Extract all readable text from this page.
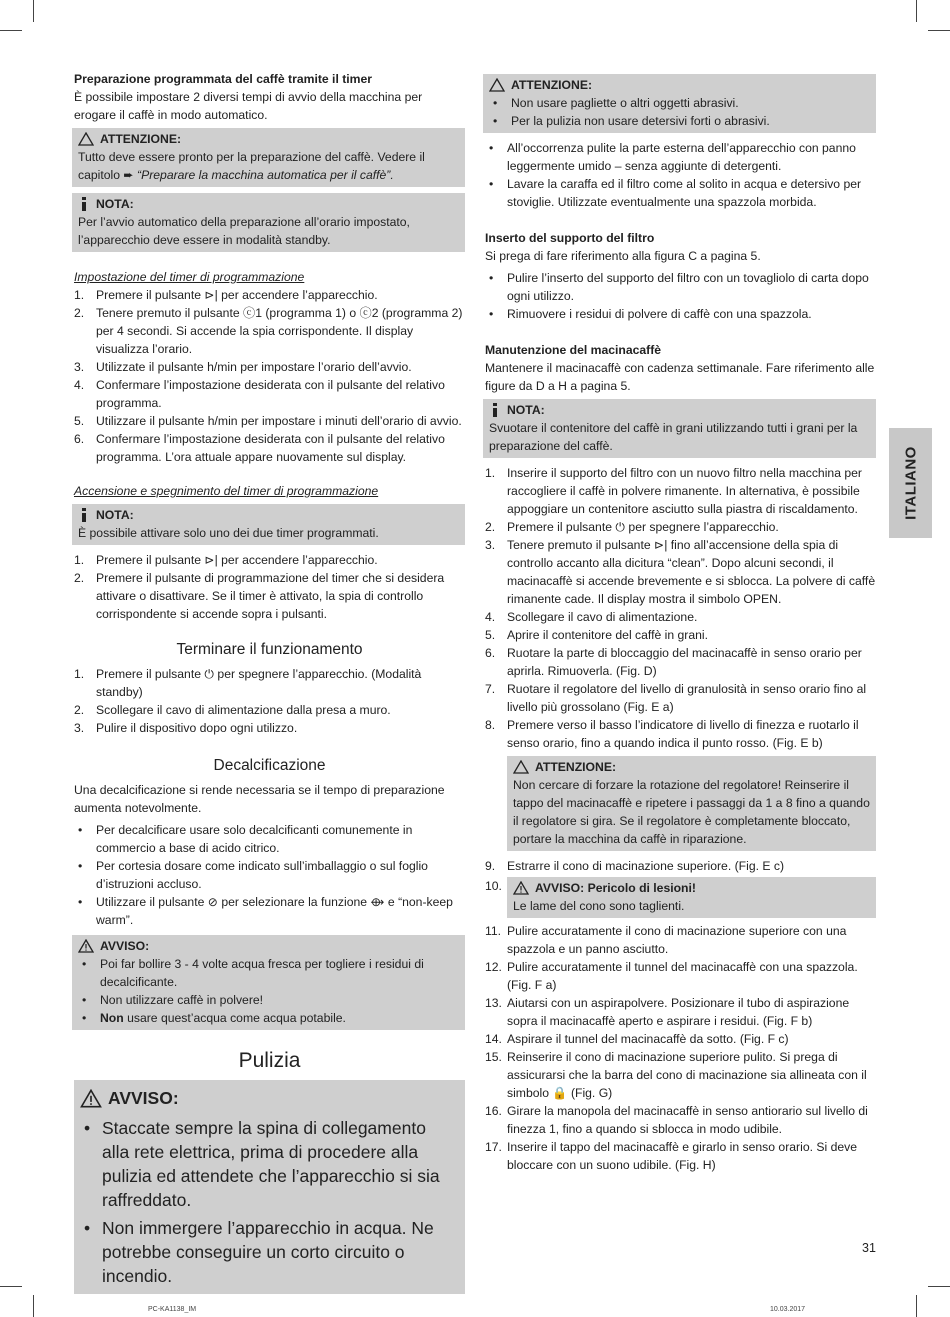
Preparazione programmata del caffè tramite il timer

È possibile impostare 2 diversi tempi di avvio della macchina per erogare il caffè in modo automatico.

ATTENZIONE:

Tutto deve essere pronto per la preparazione del caffè. Vedere il capitolo ➨ “Preparare la macchina automatica per il caffè”.

NOTA:

Per l’avvio automatico della preparazione all’orario impostato, l’apparecchio deve essere in modalità standby.

Impostazione del timer di programmazione

1. Premere il pulsante ⊳| per accendere l’apparecchio.
2. Tenere premuto il pulsante ⓒ1 (programma 1) o ⓒ2 (programma 2) per 4 secondi. Si accende la spia corrispondente. Il display visualizza l’orario.
3. Utilizzate il pulsante h/min per impostare l’orario dell’avvio.
4. Confermare l’impostazione desiderata con il pulsante del relativo programma.
5. Utilizzare il pulsante h/min per impostare i minuti dell’orario di avvio.
6. Confermare l’impostazione desiderata con il pulsante del relativo programma. L’ora attuale appare nuovamente sul display.

Accensione e spegnimento del timer di programmazione

NOTA:

È possibile attivare solo uno dei due timer programmati.

1. Premere il pulsante ⊳| per accendere l’apparecchio.
2. Premere il pulsante di programmazione del timer che si desidera attivare o disattivare. Se il timer è attivato, la spia di controllo corrispondente si accende sopra i pulsanti.
Terminare il funzionamento
1. Premere il pulsante ⏻ per spegnere l’apparecchio. (Modalità standby)
2. Scollegare il cavo di alimentazione dalla presa a muro.
3. Pulire il dispositivo dopo ogni utilizzo.
Decalcificazione

Una decalcificazione si rende necessaria se il tempo di preparazione aumenta notevolmente.

•	Per decalcificare usare solo decalcificanti comunemente in commercio a base di acido citrico.
•	Per cortesia dosare come indicato sull’imballaggio o sul foglio d’istruzioni accluso.
•	Utilizzare il pulsante ⊘ per selezionare la funzione ⟴ e “non-keep warm”.
AVVISO:
•	Poi far bollire 3 - 4 volte acqua fresca per togliere i residui di decalcificante.
•	Non utilizzare caffè in polvere!
•	Non usare quest’acqua come acqua potabile.
Pulizia
AVVISO:
• Staccate sempre la spina di collegamento alla rete elettrica, prima di procedere alla pulizia ed attendete che l’apparecchio si sia raffreddato.
• Non immergere l’apparecchio in acqua. Ne potrebbe conseguire un corto circuito o incendio.
ATTENZIONE:
•	Non usare pagliette o altri oggetti abrasivi.
•	Per la pulizia non usare detersivi forti o abrasivi.
•	All’occorrenza pulite la parte esterna dell’apparecchio con panno leggermente umido – senza aggiunte di detergenti.
•	Lavare la caraffa ed il filtro come al solito in acqua e detersivo per stoviglie. Utilizzate eventualmente una spazzola morbida.

Inserto del supporto del filtro

Si prega di fare riferimento alla figura C a pagina 5.

•	Pulire l’inserto del supporto del filtro con un tovagliolo di carta dopo ogni utilizzo.
•	Rimuovere i residui di polvere di caffè con una spazzola.

Manutenzione del macinacaffè

Mantenere il macinacaffè con cadenza settimanale. Fare riferimento alle figure da D a H a pagina 5.

NOTA:

Svuotare il contenitore del caffè in grani utilizzando tutti i grani per la preparazione del caffè.

1. Inserire il supporto del filtro con un nuovo filtro nella macchina per raccogliere il caffè in polvere rimanente. In alternativa, è possibile appoggiare un contenitore asciutto sulla piastra di riscaldamento.
2. Premere il pulsante ⏻ per spegnere l’apparecchio.
3. Tenere premuto il pulsante ⊳| fino all’accensione della spia di controllo accanto alla dicitura “clean”. Dopo alcuni secondi, il macinacaffè si accende brevemente e si sblocca. La polvere di caffè rimanente cade. Il display mostra il simbolo OPEN.
4. Scollegare il cavo di alimentazione.
5. Aprire il contenitore del caffè in grani.
6. Ruotare la parte di bloccaggio del macinacaffè in senso orario per aprirla. Rimuoverla. (Fig. D)
7. Ruotare il regolatore del livello di granulosità in senso orario fino al livello più grossolano (Fig. E a)
8. Premere verso il basso l’indicatore di livello di finezza e ruotarlo il senso orario, fino a quando indica il punto rosso. (Fig. E b)
ATTENZIONE:

Non cercare di forzare la rotazione del regolatore! Reinserire il tappo del macinacaffè e ripetere i passaggi da 1 a 8 fino a quando il regolatore si gira. Se il regolatore è completamente bloccato, portare la macchina da caffè in riparazione.

9. Estrarre il cono di macinazione superiore. (Fig. E c)
10.	AVVISO: Pericolo di lesioni!

Le lame del cono sono taglienti.

11. Pulire accuratamente il cono di macinazione superiore con una spazzola e un panno asciutto.
12. Pulire accuratamente il tunnel del macinacaffè con una spazzola. (Fig. F a)
13. Aiutarsi con un aspirapolvere. Posizionare il tubo di aspirazione sopra il macinacaffè aperto e aspirare i residui. (Fig. F b)
14. Aspirare il tunnel del macinacaffè da sotto. (Fig. F c)
15. Reinserire il cono di macinazione superiore pulito. Si prega di assicurarsi che la barra del cono di macinazione sia allineata con il simbolo 🔒 (Fig. G)
16. Girare la manopola del macinacaffè in senso antiorario sul livello di finezza 1, fino a quando si sblocca in modo udibile.
17. Inserire il tappo del macinacaffè e girarlo in senso orario. Si deve bloccare con un suono udibile. (Fig. H)
ITALIANO
31
PC-KA1138_IM	10.03.2017
